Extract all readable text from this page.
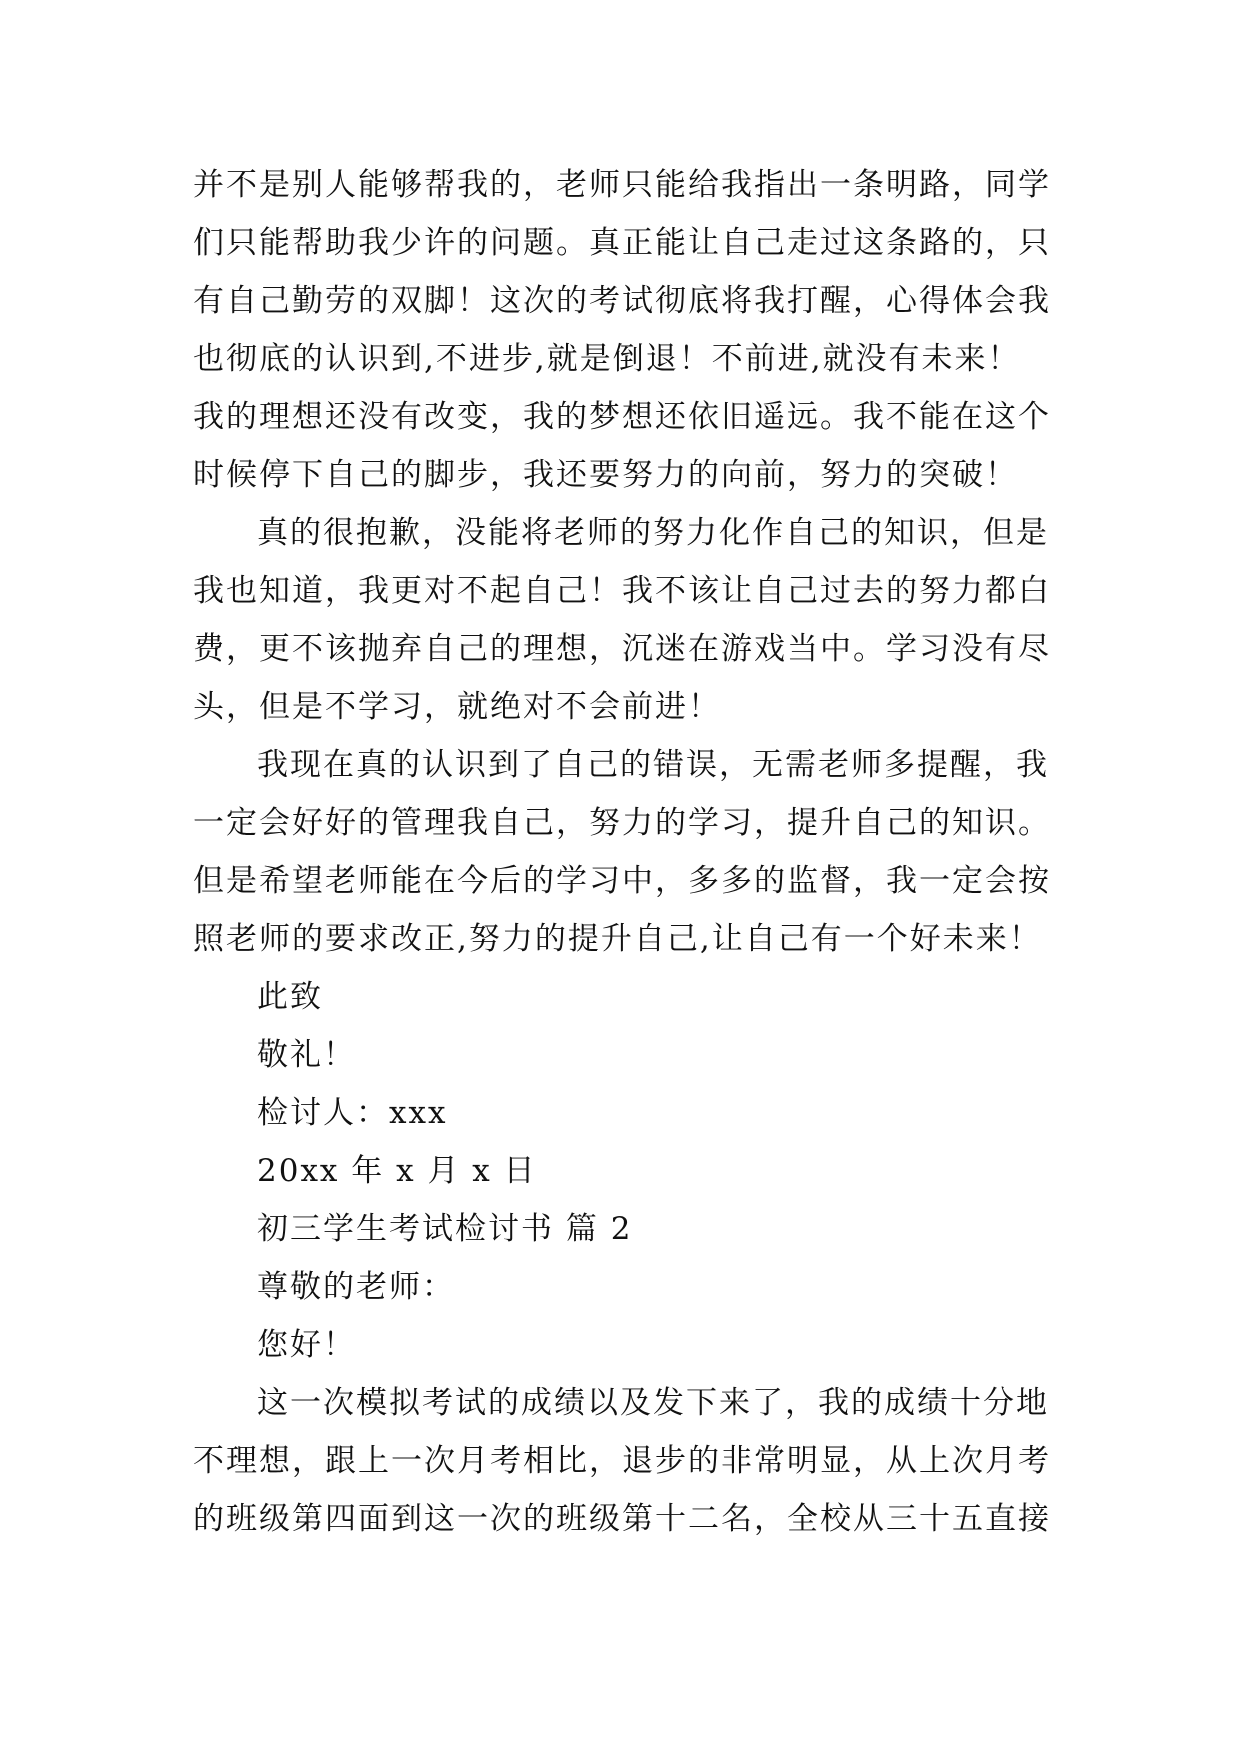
并不是别人能够帮我的，老师只能给我指出一条明路，同学
们只能帮助我少许的问题。真正能让自己走过这条路的，只
有自己勤劳的双脚！这次的考试彻底将我打醒，心得体会我
也彻底的认识到,不进步,就是倒退！不前进,就没有未来！
我的理想还没有改变，我的梦想还依旧遥远。我不能在这个
时候停下自己的脚步，我还要努力的向前，努力的突破！
真的很抱歉，没能将老师的努力化作自己的知识，但是
我也知道，我更对不起自己！我不该让自己过去的努力都白
费，更不该抛弃自己的理想，沉迷在游戏当中。学习没有尽
头，但是不学习，就绝对不会前进！
我现在真的认识到了自己的错误，无需老师多提醒，我
一定会好好的管理我自己，努力的学习，提升自己的知识。
但是希望老师能在今后的学习中，多多的监督，我一定会按
照老师的要求改正,努力的提升自己,让自己有一个好未来！
此致
敬礼！
检讨人：xxx
20xx 年 x 月 x 日
初三学生考试检讨书 篇 2
尊敬的老师：
您好！
这一次模拟考试的成绩以及发下来了，我的成绩十分地
不理想，跟上一次月考相比，退步的非常明显，从上次月考
的班级第四面到这一次的班级第十二名，全校从三十五直接
